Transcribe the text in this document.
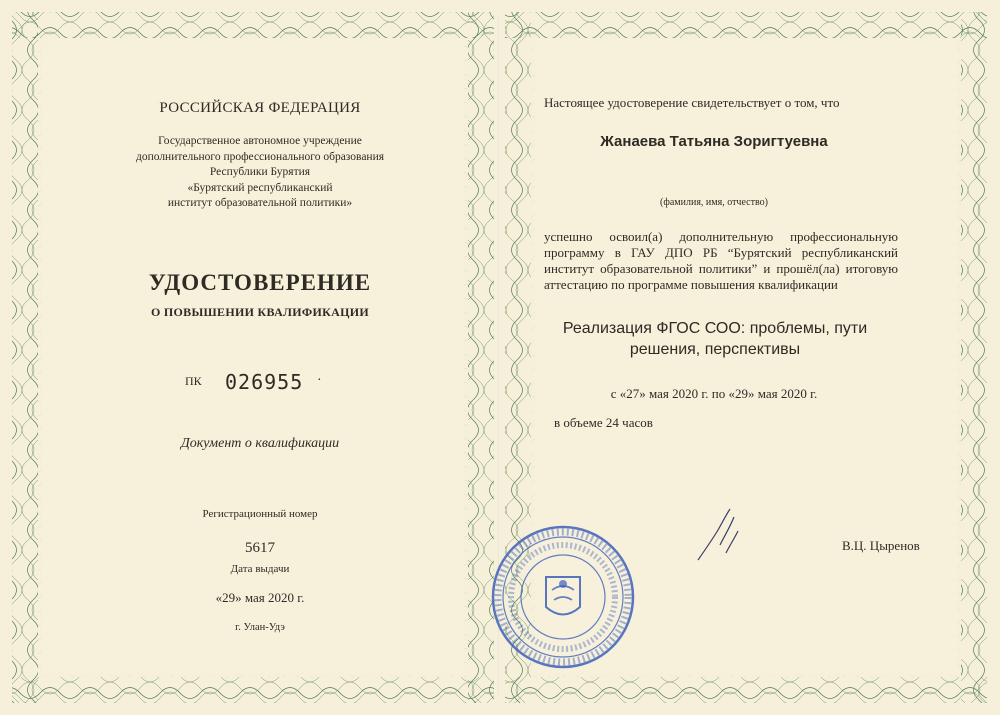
РОССИЙСКАЯ ФЕДЕРАЦИЯ
Государственное автономное учреждение
дополнительного профессионального образования
Республики Бурятия
«Бурятский республиканский
институт образовательной политики»
УДОСТОВЕРЕНИЕ
О ПОВЫШЕНИИ КВАЛИФИКАЦИИ
ПК 026955 ·
Документ о квалификации
Регистрационный номер
5617
Дата выдачи
«29» мая 2020 г.
г. Улан-Удэ
Настоящее удостоверение свидетельствует о том, что
Жанаева Татьяна Зоригтуевна
(фамилия, имя, отчество)
успешно освоил(а) дополнительную профессиональную программу в ГАУ ДПО РБ “Бурятский республиканский институт образовательной политики” и прошёл(ла) итоговую аттестацию по программе повышения квалификации
Реализация ФГОС СОО: проблемы, пути решения, перспективы
с «27» мая 2020 г. по «29» мая 2020 г.
в объеме 24 часов
В.Ц. Цыренов
